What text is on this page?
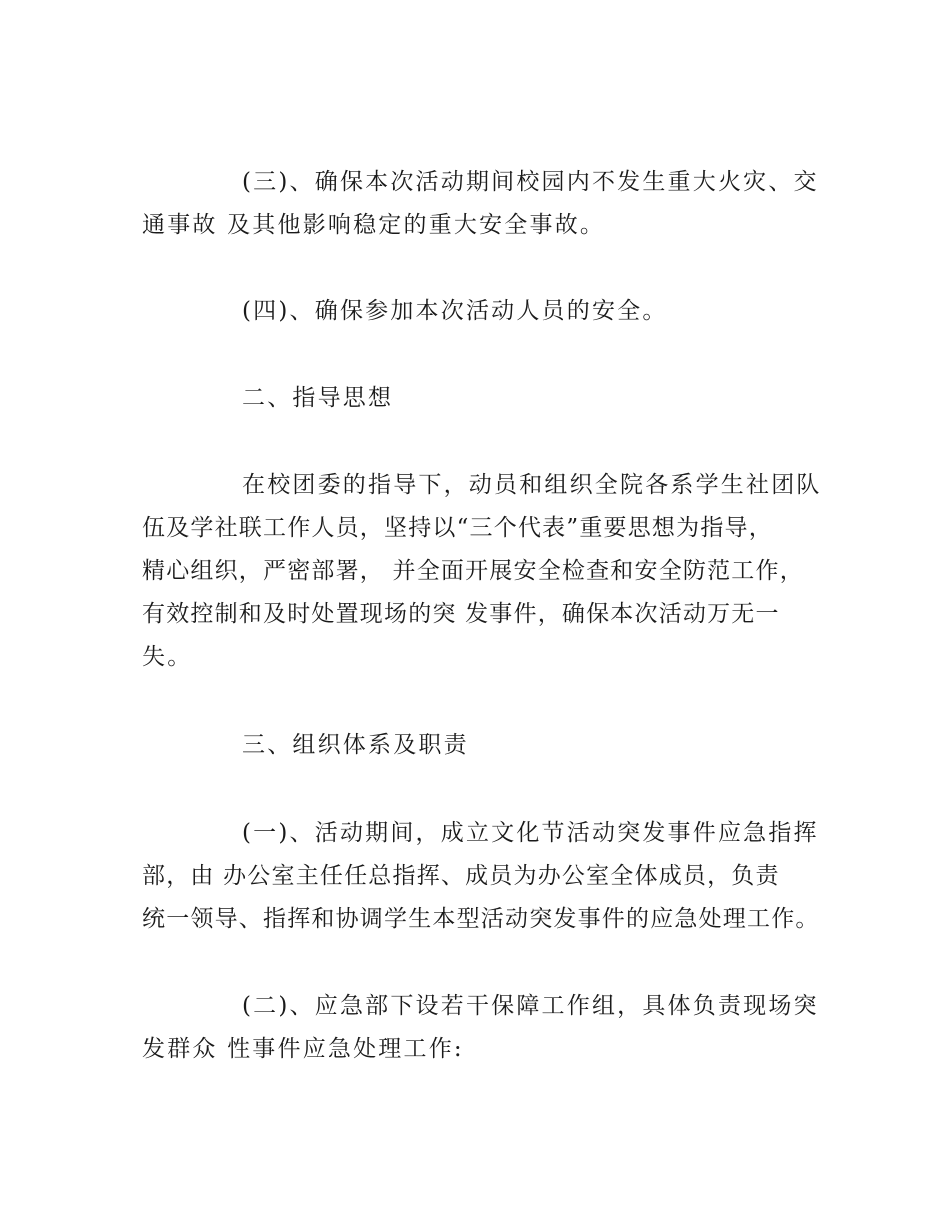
(三)、确保本次活动期间校园内不发生重大火灾、交
通事故 及其他影响稳定的重大安全事故。

(四)、确保参加本次活动人员的安全。

二、指导思想

在校团委的指导下，动员和组织全院各系学生社团队
伍及学社联工作人员，坚持以“三个代表”重要思想为指导，
精心组织，严密部署， 并全面开展安全检查和安全防范工作，
有效控制和及时处置现场的突 发事件，确保本次活动万无一
失。

三、组织体系及职责

(一)、活动期间，成立文化节活动突发事件应急指挥
部，由 办公室主任任总指挥、成员为办公室全体成员，负责
统一领导、指挥和协调学生本型活动突发事件的应急处理工作。

(二)、应急部下设若干保障工作组，具体负责现场突
发群众 性事件应急处理工作:
